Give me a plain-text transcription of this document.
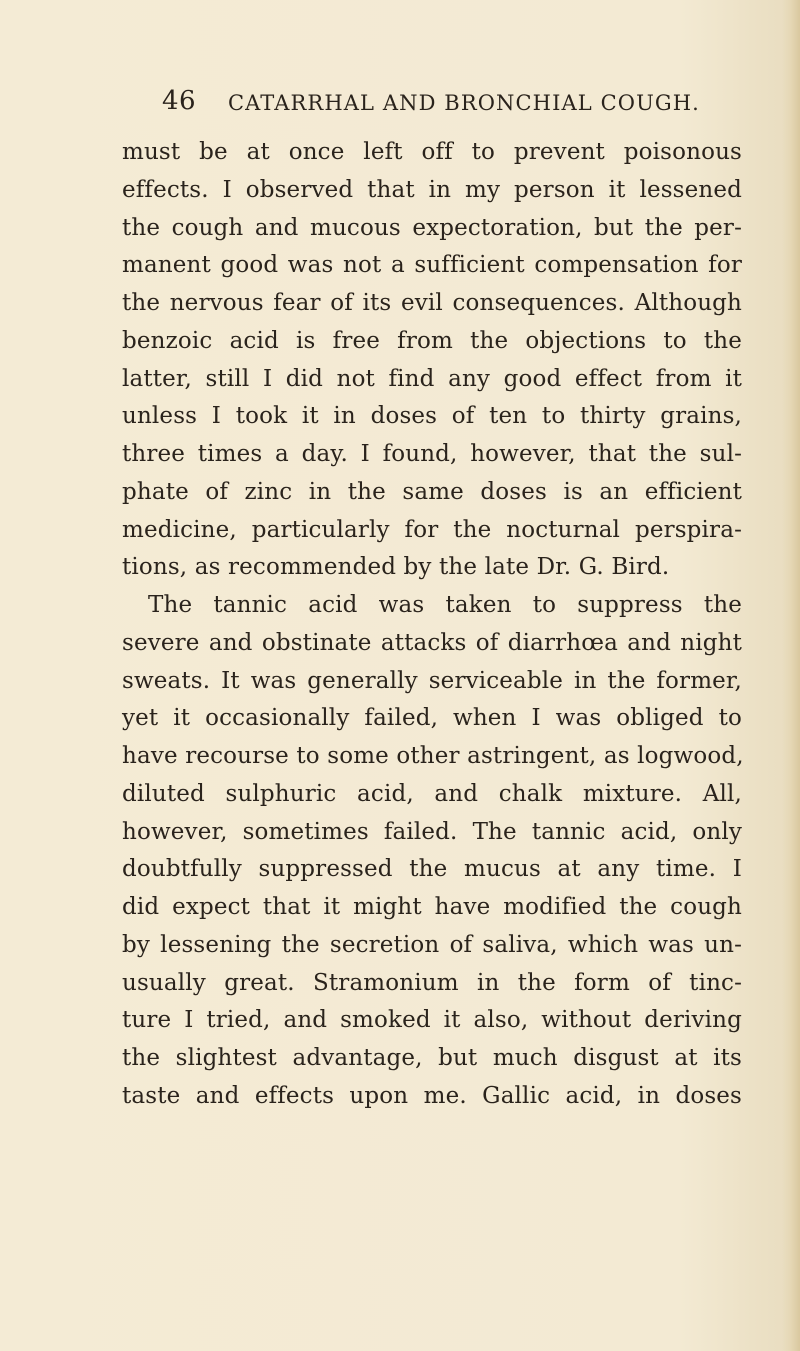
46 CATARRHAL AND BRONCHIAL COUGH.
must be at once left off to prevent poisonous
effects. I observed that in my person it lessened
the cough and mucous expectoration, but the per-
manent good was not a sufficient compensation for
the nervous fear of its evil consequences. Although
benzoic acid is free from the objections to the
latter, still I did not find any good effect from it
unless I took it in doses of ten to thirty grains,
three times a day. I found, however, that the sul-
phate of zinc in the same doses is an efficient
medicine, particularly for the nocturnal perspira-
tions, as recommended by the late Dr. G. Bird.
The tannic acid was taken to suppress the
severe and obstinate attacks of diarrhœa and night
sweats. It was generally serviceable in the former,
yet it occasionally failed, when I was obliged to
have recourse to some other astringent, as logwood,
diluted sulphuric acid, and chalk mixture. All,
however, sometimes failed. The tannic acid, only
doubtfully suppressed the mucus at any time. I
did expect that it might have modified the cough
by lessening the secretion of saliva, which was un-
usually great. Stramonium in the form of tinc-
ture I tried, and smoked it also, without deriving
the slightest advantage, but much disgust at its
taste and effects upon me. Gallic acid, in doses
